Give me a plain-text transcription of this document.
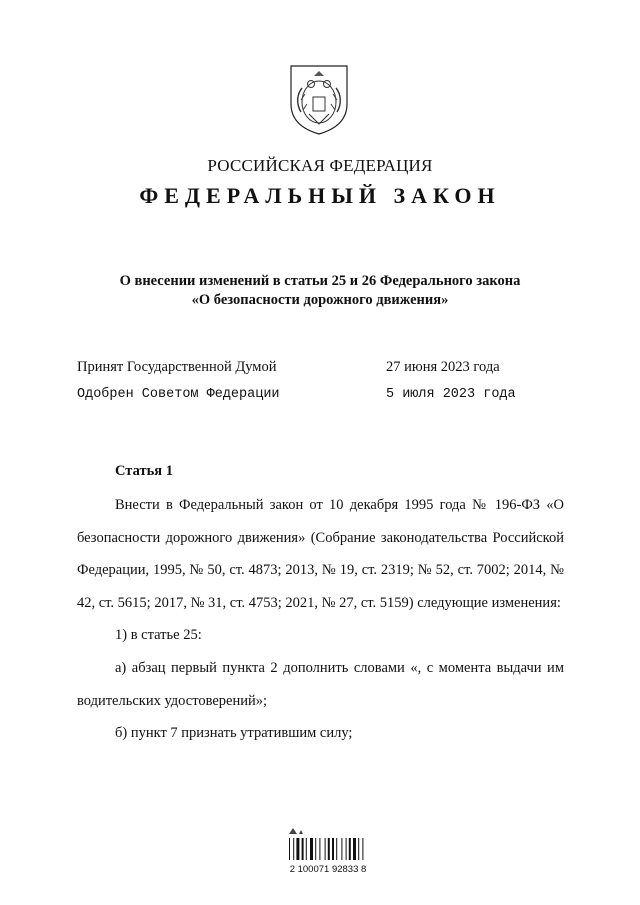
РОССИЙСКАЯ ФЕДЕРАЦИЯ
ФЕДЕРАЛЬНЫЙ ЗАКОН
О внесении изменений в статьи 25 и 26 Федерального закона
«О безопасности дорожного движения»
Принят Государственной Думой	27 июня 2023 года
Одобрен Советом Федерации	5 июля 2023 года
Статья 1

Внести в Федеральный закон от 10 декабря 1995 года № 196-ФЗ «О безопасности дорожного движения» (Собрание законодательства Российской Федерации, 1995, № 50, ст. 4873; 2013, № 19, ст. 2319; № 52, ст. 7002; 2014, № 42, ст. 5615; 2017, № 31, ст. 4753; 2021, № 27, ст. 5159) следующие изменения:

1) в статье 25:

а) абзац первый пункта 2 дополнить словами «, с момента выдачи им водительских удостоверений»;

б) пункт 7 признать утратившим силу;

2 100071 92833 8
